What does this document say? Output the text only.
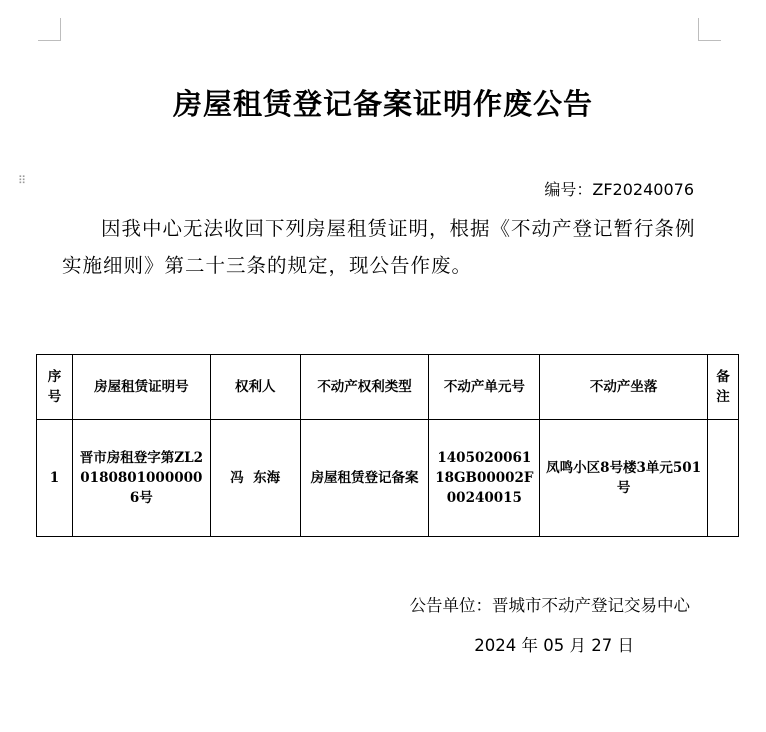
⠿
房屋租赁登记备案证明作废公告
编号：ZF20240076
因我中心无法收回下列房屋租赁证明，根据《不动产登记暂行条例实施细则》第二十三条的规定，现公告作废。
序号	房屋租赁证明号	权利人	不动产权利类型	不动产单元号	不动产坐落	备注
1	晋市房租登字第ZL201808010000006号	冯  东海	房屋租赁登记备案	140502006118GB00002F00240015	凤鸣小区8号楼3单元501号	
公告单位：晋城市不动产登记交易中心
2024 年 05 月 27 日
